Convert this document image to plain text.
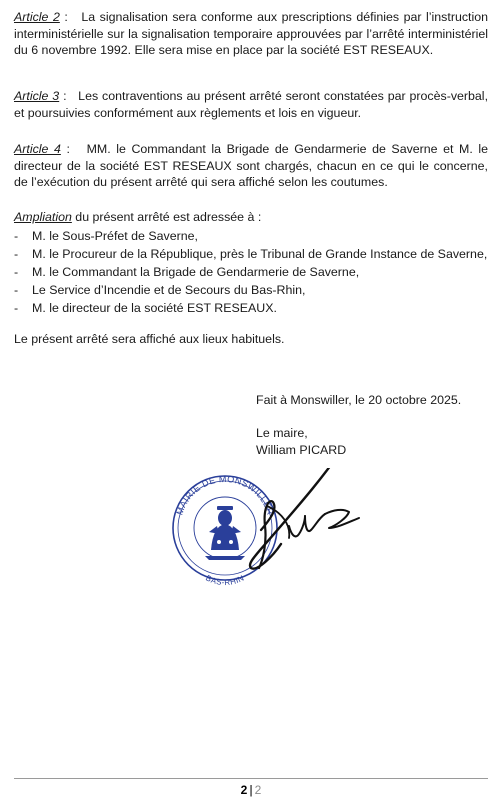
Article 2 : La signalisation sera conforme aux prescriptions définies par l’instruction interministérielle sur la signalisation temporaire approuvées par l’arrêté interministériel du 6 novembre 1992. Elle sera mise en place par la société EST RESEAUX.

Article 3 : Les contraventions au présent arrêté seront constatées par procès-verbal, et poursuivies conformément aux règlements et lois en vigueur.

Article 4 : MM. le Commandant la Brigade de Gendarmerie de Saverne et M. le directeur de la société EST RESEAUX sont chargés, chacun en ce qui le concerne, de l’exécution du présent arrêté qui sera affiché selon les coutumes.

Ampliation du présent arrêté est adressée à :

-	M. le Sous-Préfet de Saverne,
-	M. le Procureur de la République, près le Tribunal de Grande Instance de Saverne,
-	M. le Commandant la Brigade de Gendarmerie de Saverne,
-	Le Service d’Incendie et de Secours du Bas-Rhin,
-	M. le directeur de la société EST RESEAUX.

Le présent arrêté sera affiché aux lieux habituels.

Fait à Monswiller, le 20 octobre 2025.
Le maire,
William PICARD
MAIRIE DE MONSWILLER
BAS-RHIN
2 | 2
